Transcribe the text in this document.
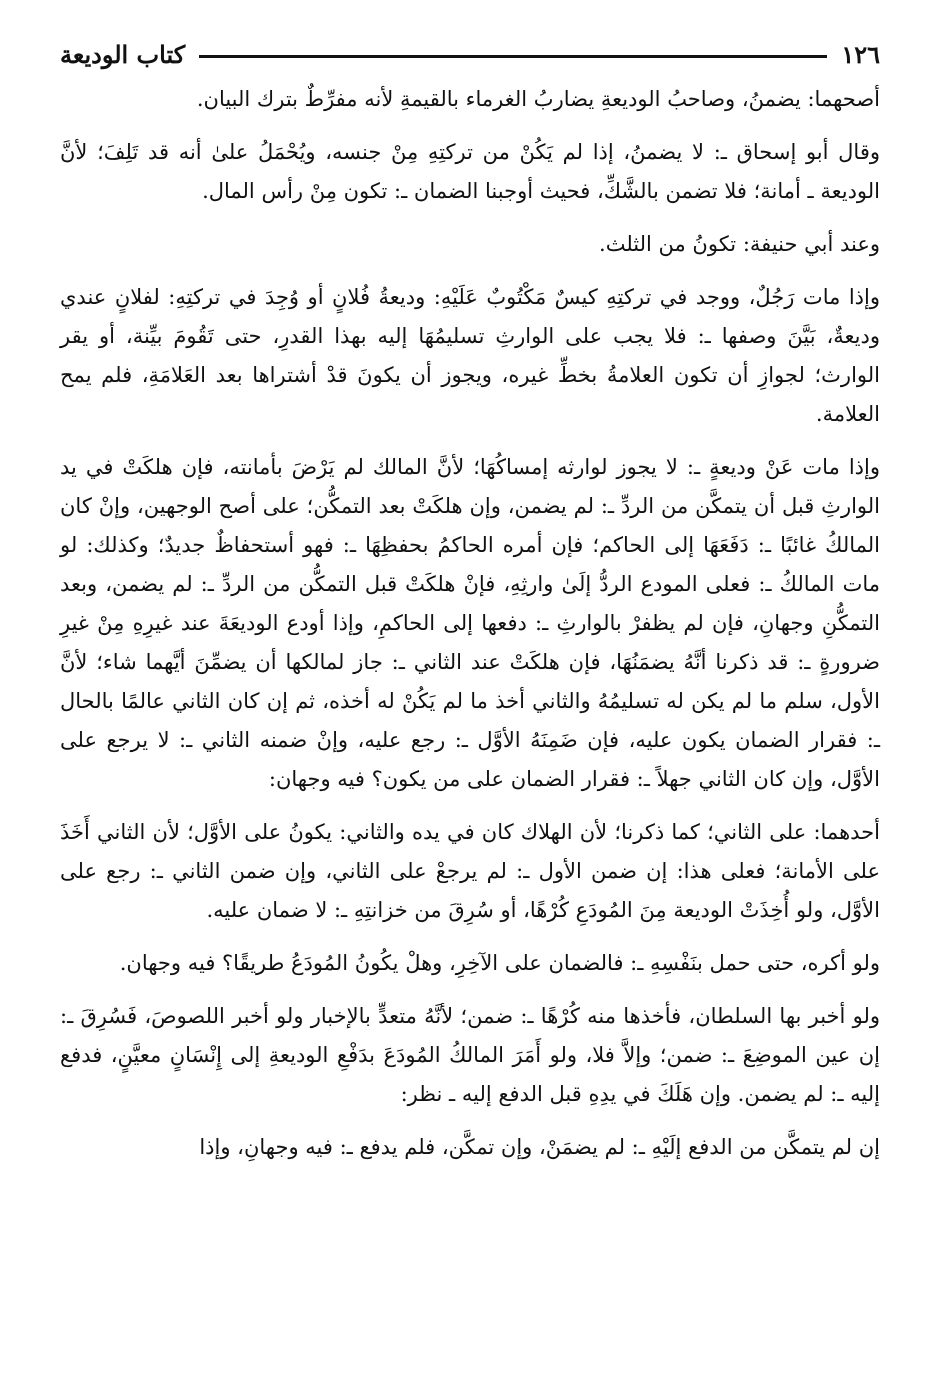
١٢٦
كتاب الوديعة

أصحهما: يضمنُ، وصاحبُ الوديعةِ يضاربُ الغرماء بالقيمةِ لأنه مفرِّطٌ بترك البيان.

وقال أبو إسحاق ـ: لا يضمنُ، إذا لم يَكُنْ من تركتِهِ مِنْ جنسه، ويُحْمَلُ علىٰ أنه قد تَلِفَ؛ لأنَّ الوديعة ـ أمانة؛ فلا تضمن بالشَّكِّ، فحيث أوجبنا الضمان ـ: تكون مِنْ رأس المال.

وعند أبي حنيفة: تكونُ من الثلث.

وإذا مات رَجُلٌ، ووجد في تركتِهِ كيسٌ مَكْتُوبٌ عَلَيْهِ: وديعةُ فُلانٍ أو وُجِدَ في تركتِهِ: لفلانٍ عندي وديعةٌ، بَيَّنَ وصفها ـ: فلا يجب على الوارثِ تسليمُهَا إليه بهذا القدرِ، حتى تَقُومَ بيِّنة، أو يقر الوارث؛ لجوازِ أن تكون العلامةُ بخطِّ غيره، ويجوز أن يكونَ قدْ أشتراها بعد العَلامَةِ، فلم يمح العلامة.

وإذا مات عَنْ وديعةٍ ـ: لا يجوز لوارثه إمساكُهَا؛ لأنَّ المالك لم يَرْضَ بأمانته، فإن هلكَتْ في يد الوارثِ قبل أن يتمكَّن من الردِّ ـ: لم يضمن، وإن هلكَتْ بعد التمكُّن؛ على أصح الوجهين، وإنْ كان المالكُ غائبًا ـ: دَفَعَهَا إلى الحاكم؛ فإن أمره الحاكمُ بحفظِهَا ـ: فهو أستحفاظٌ جديدٌ؛ وكذلك: لو مات المالكُ ـ: فعلى المودع الردُّ إلَىٰ وارثِهِ، فإنْ هلكَتْ قبل التمكُّن من الردِّ ـ: لم يضمن، وبعد التمكُّنِ وجهانِ، فإن لم يظفرْ بالوارثِ ـ: دفعها إلى الحاكمِ، وإذا أودع الوديعَةَ عند غيرِهِ مِنْ غيرِ ضرورةٍ ـ: قد ذكرنا أنَّهُ يضمَنُهَا، فإن هلكَتْ عند الثاني ـ: جاز لمالكها أن يضمِّنَ أيَّهما شاء؛ لأنَّ الأول، سلم ما لم يكن له تسليمُهُ والثاني أخذ ما لم يَكُنْ له أخذه، ثم إن كان الثاني عالمًا بالحال ـ: فقرار الضمان يكون عليه، فإن ضَمِنَهُ الأوَّل ـ: رجع عليه، وإنْ ضمنه الثاني ـ: لا يرجع على الأوَّل، وإن كان الثاني جهلاً ـ: فقرار الضمان على من يكون؟ فيه وجهان:

أحدهما: على الثاني؛ كما ذكرنا؛ لأن الهلاك كان في يده والثاني: يكونُ على الأوَّل؛ لأن الثاني أَخَذَ على الأمانة؛ فعلى هذا: إن ضمن الأول ـ: لم يرجعْ على الثاني، وإن ضمن الثاني ـ: رجع على الأوَّل، ولو أُخِذَتْ الوديعة مِنَ المُودَعِ كُرْهًا، أو سُرِقَ من خزانتِهِ ـ: لا ضمان عليه.

ولو أكره، حتى حمل بنَفْسِهِ ـ: فالضمان على الآخِرِ، وهلْ يكُونُ المُودَعُ طريقًا؟ فيه وجهان.

ولو أخبر بها السلطان، فأخذها منه كُرْهًا ـ: ضمن؛ لأنَّهُ متعدٍّ بالإخبار ولو أخبر اللصوصَ، فَسُرِقَ ـ: إن عين الموضِعَ ـ: ضمن؛ وإلاَّ فلا، ولو أَمَرَ المالكُ المُودَعَ بدَفْعِ الوديعةِ إلى إِنْسَانٍ معيَّنٍ، فدفع إليه ـ: لم يضمن. وإن هَلَكَ في يدِهِ قبل الدفع إليه ـ نظر:

إن لم يتمكَّن من الدفع إلَيْهِ ـ: لم يضمَنْ، وإن تمكَّن، فلم يدفع ـ: فيه وجهانِ، وإذا
